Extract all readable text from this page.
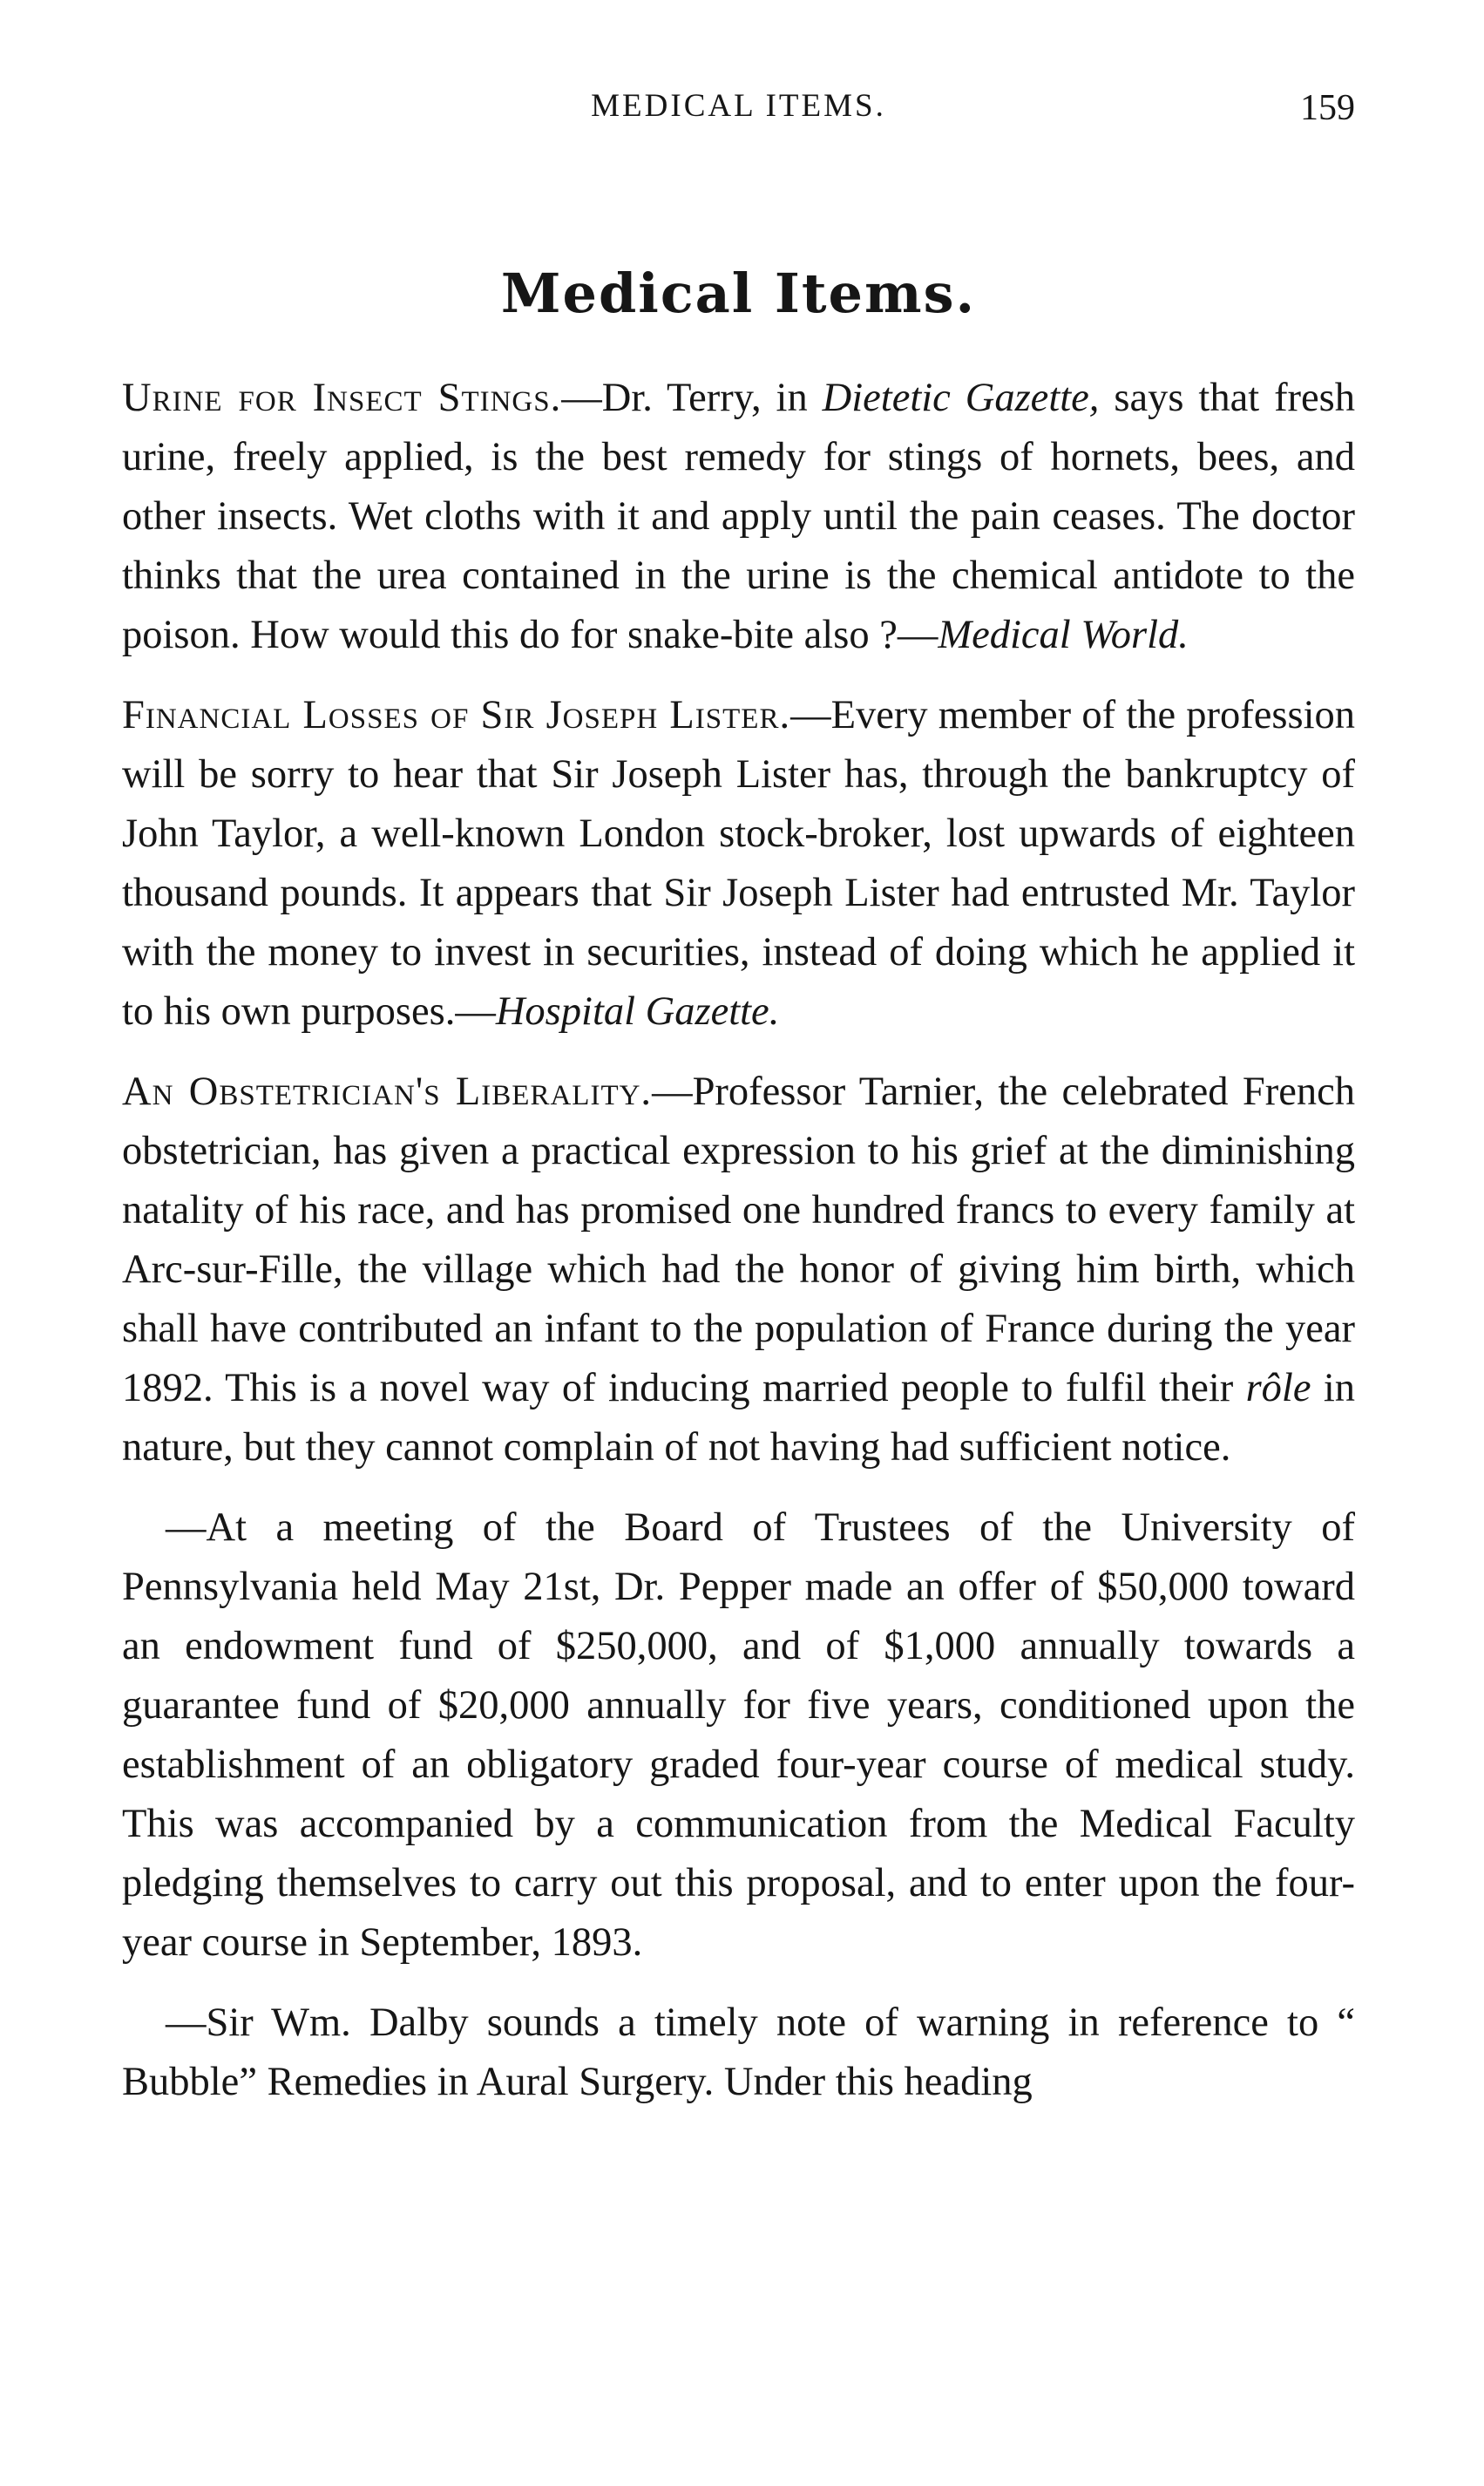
MEDICAL ITEMS.	159
Medical Items.

Urine for Insect Stings.—Dr. Terry, in Dietetic Gazette, says that fresh urine, freely applied, is the best remedy for stings of hornets, bees, and other insects. Wet cloths with it and apply until the pain ceases. The doctor thinks that the urea contained in the urine is the chemical antidote to the poison. How would this do for snake-bite also ?—Medical World.

Financial Losses of Sir Joseph Lister.—Every member of the profession will be sorry to hear that Sir Joseph Lister has, through the bankruptcy of John Taylor, a well-known London stock-broker, lost upwards of eighteen thousand pounds. It appears that Sir Joseph Lister had entrusted Mr. Taylor with the money to invest in securities, instead of doing which he applied it to his own purposes.—Hospital Gazette.

An Obstetrician's Liberality.—Professor Tarnier, the celebrated French obstetrician, has given a practical expression to his grief at the diminishing natality of his race, and has promised one hundred francs to every family at Arc-sur-Fille, the village which had the honor of giving him birth, which shall have contributed an infant to the population of France during the year 1892. This is a novel way of inducing married people to fulfil their rôle in nature, but they cannot complain of not having had sufficient notice.

—At a meeting of the Board of Trustees of the University of Pennsylvania held May 21st, Dr. Pepper made an offer of $50,000 toward an endowment fund of $250,000, and of $1,000 annually towards a guarantee fund of $20,000 annually for five years, conditioned upon the establishment of an obligatory graded four-year course of medical study. This was accompanied by a communication from the Medical Faculty pledging themselves to carry out this proposal, and to enter upon the four-year course in September, 1893.

—Sir Wm. Dalby sounds a timely note of warning in reference to “ Bubble” Remedies in Aural Surgery. Under this heading
